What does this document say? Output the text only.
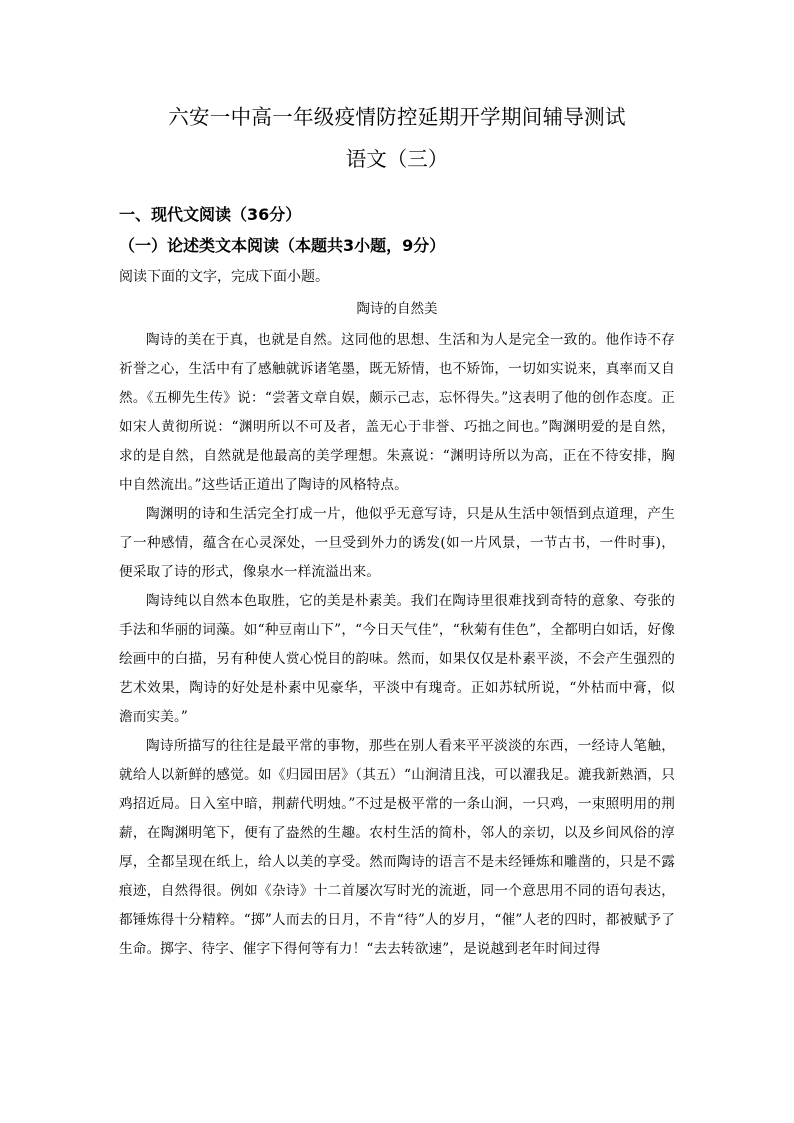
六安一中高一年级疫情防控延期开学期间辅导测试
语文（三）
一、现代文阅读（36分）
（一）论述类文本阅读（本题共3小题，9分）
阅读下面的文字，完成下面小题。
陶诗的自然美

陶诗的美在于真，也就是自然。这同他的思想、生活和为人是完全一致的。他作诗不存祈誉之心，生活中有了感触就诉诸笔墨，既无矫情，也不矫饰，一切如实说来，真率而又自然。《五柳先生传》说：“尝著文章自娱，颇示己志，忘怀得失。”这表明了他的创作态度。正如宋人黄彻所说：“渊明所以不可及者，盖无心于非誉、巧拙之间也。”陶渊明爱的是自然，求的是自然，自然就是他最高的美学理想。朱熹说：“渊明诗所以为高，正在不待安排，胸中自然流出。”这些话正道出了陶诗的风格特点。

陶渊明的诗和生活完全打成一片，他似乎无意写诗，只是从生活中领悟到点道理，产生了一种感情，蕴含在心灵深处，一旦受到外力的诱发(如一片风景，一节古书，一件时事)，便采取了诗的形式，像泉水一样流溢出来。

陶诗纯以自然本色取胜，它的美是朴素美。我们在陶诗里很难找到奇特的意象、夸张的手法和华丽的词藻。如“种豆南山下”，“今日天气佳”，“秋菊有佳色”，全都明白如话，好像绘画中的白描，另有种使人赏心悦目的韵味。然而，如果仅仅是朴素平淡，不会产生强烈的艺术效果，陶诗的好处是朴素中见豪华，平淡中有瑰奇。正如苏轼所说，“外枯而中膏，似澹而实美。”

陶诗所描写的往往是最平常的事物，那些在别人看来平平淡淡的东西，一经诗人笔触，就给人以新鲜的感觉。如《归园田居》（其五）“山涧清且浅，可以濯我足。漉我新熟酒，只鸡招近局。日入室中暗，荆薪代明烛。”不过是极平常的一条山涧，一只鸡，一束照明用的荆薪，在陶渊明笔下，便有了盎然的生趣。农村生活的简朴，邻人的亲切，以及乡间风俗的淳厚，全都呈现在纸上，给人以美的享受。然而陶诗的语言不是未经锤炼和雕凿的，只是不露痕迹，自然得很。例如《杂诗》十二首屡次写时光的流逝，同一个意思用不同的语句表达，都锤炼得十分精粹。“掷”人而去的日月，不肯“待”人的岁月，“催”人老的四时，都被赋予了生命。掷字、待字、催字下得何等有力！“去去转欲速”，是说越到老年时间过得
